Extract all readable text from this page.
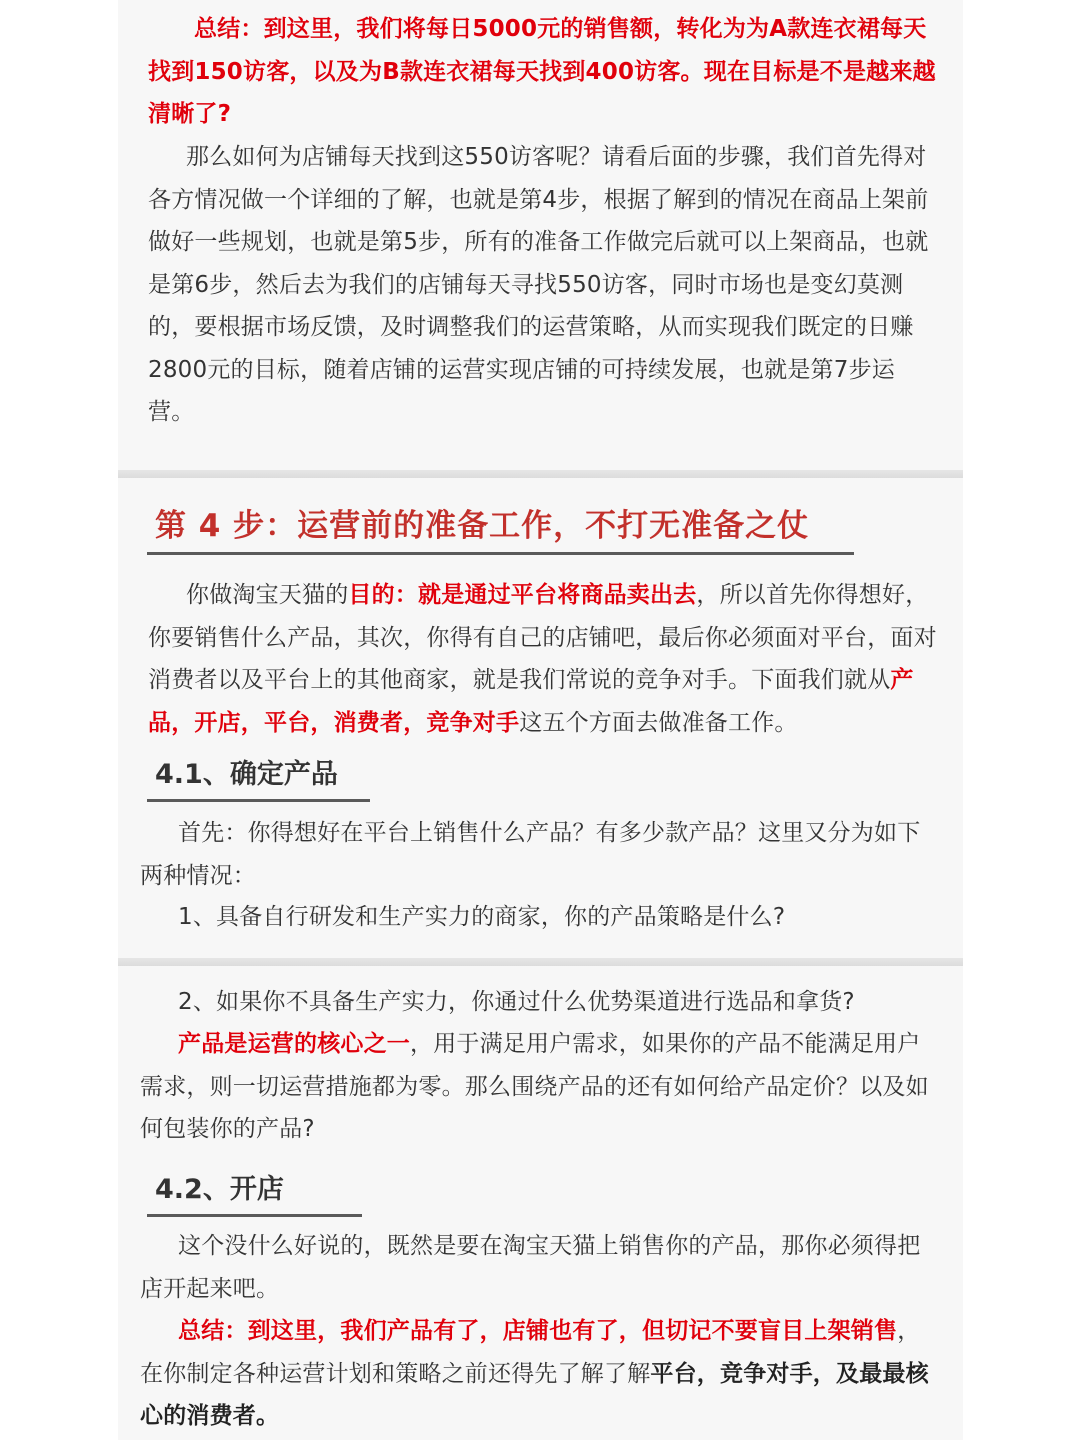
总结：到这里，我们将每日5000元的销售额，转化为为A款连衣裙每天找到150访客，以及为B款连衣裙每天找到400访客。现在目标是不是越来越清晰了?

那么如何为店铺每天找到这550访客呢？请看后面的步骤，我们首先得对各方情况做一个详细的了解，也就是第4步，根据了解到的情况在商品上架前做好一些规划，也就是第5步，所有的准备工作做完后就可以上架商品，也就是第6步，然后去为我们的店铺每天寻找550访客，同时市场也是变幻莫测的，要根据市场反馈，及时调整我们的运营策略，从而实现我们既定的日赚2800元的目标，随着店铺的运营实现店铺的可持续发展，也就是第7步运营。

第 4 步：运营前的准备工作，不打无准备之仗

你做淘宝天猫的目的：就是通过平台将商品卖出去，所以首先你得想好，你要销售什么产品，其次，你得有自己的店铺吧，最后你必须面对平台，面对消费者以及平台上的其他商家，就是我们常说的竞争对手。下面我们就从产品，开店，平台，消费者，竞争对手这五个方面去做准备工作。

4.1、确定产品

首先：你得想好在平台上销售什么产品？有多少款产品？这里又分为如下两种情况：

1、具备自行研发和生产实力的商家，你的产品策略是什么?

2、如果你不具备生产实力，你通过什么优势渠道进行选品和拿货?

产品是运营的核心之一，用于满足用户需求，如果你的产品不能满足用户需求，则一切运营措施都为零。那么围绕产品的还有如何给产品定价？以及如何包装你的产品?

4.2、开店

这个没什么好说的，既然是要在淘宝天猫上销售你的产品，那你必须得把店开起来吧。

总结：到这里，我们产品有了，店铺也有了，但切记不要盲目上架销售，在你制定各种运营计划和策略之前还得先了解了解平台，竞争对手，及最最核心的消费者。
